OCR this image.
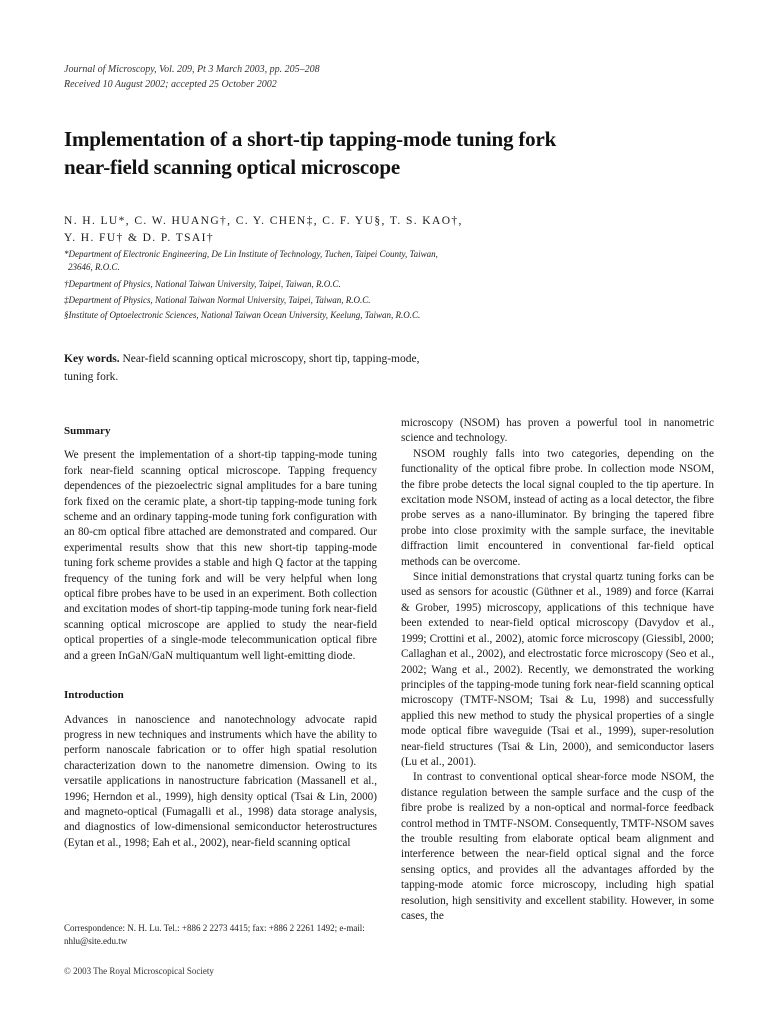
Journal of Microscopy, Vol. 209, Pt 3 March 2003, pp. 205–208
Received 10 August 2002; accepted 25 October 2002
Implementation of a short-tip tapping-mode tuning fork
near-field scanning optical microscope
N. H. LU*, C. W. HUANG†, C. Y. CHEN‡, C. F. YU§, T. S. KAO†,
Y. H. FU† & D. P. TSAI†
*Department of Electronic Engineering, De Lin Institute of Technology, Tuchen, Taipei County, Taiwan,
23646, R.O.C.
†Department of Physics, National Taiwan University, Taipei, Taiwan, R.O.C.
‡Department of Physics, National Taiwan Normal University, Taipei, Taiwan, R.O.C.
§Institute of Optoelectronic Sciences, National Taiwan Ocean University, Keelung, Taiwan, R.O.C.
Key words. Near-field scanning optical microscopy, short tip, tapping-mode,
tuning fork.
Summary

We present the implementation of a short-tip tapping-mode tuning fork near-field scanning optical microscope. Tapping frequency dependences of the piezoelectric signal amplitudes for a bare tuning fork fixed on the ceramic plate, a short-tip tapping-mode tuning fork scheme and an ordinary tapping-mode tuning fork configuration with an 80-cm optical fibre attached are demonstrated and compared. Our experimental results show that this new short-tip tapping-mode tuning fork scheme provides a stable and high Q factor at the tapping frequency of the tuning fork and will be very helpful when long optical fibre probes have to be used in an experiment. Both collection and excitation modes of short-tip tapping-mode tuning fork near-field scanning optical microscope are applied to study the near-field optical properties of a single-mode telecommunication optical fibre and a green InGaN/GaN multiquantum well light-emitting diode.

Introduction

Advances in nanoscience and nanotechnology advocate rapid progress in new techniques and instruments which have the ability to perform nanoscale fabrication or to offer high spatial resolution characterization down to the nanometre dimension. Owing to its versatile applications in nanostructure fabrication (Massanell et al., 1996; Herndon et al., 1999), high density optical (Tsai & Lin, 2000) and magneto-optical (Fumagalli et al., 1998) data storage analysis, and diagnostics of low-dimensional semiconductor heterostructures (Eytan et al., 1998; Eah et al., 2002), near-field scanning optical

Correspondence: N. H. Lu. Tel.: +886 2 2273 4415; fax: +886 2 2261 1492; e-mail: nhlu@site.edu.tw
© 2003 The Royal Microscopical Society

microscopy (NSOM) has proven a powerful tool in nanometric science and technology.

NSOM roughly falls into two categories, depending on the functionality of the optical fibre probe. In collection mode NSOM, the fibre probe detects the local signal coupled to the tip aperture. In excitation mode NSOM, instead of acting as a local detector, the fibre probe serves as a nano-illuminator. By bringing the tapered fibre probe into close proximity with the sample surface, the inevitable diffraction limit encountered in conventional far-field optical methods can be overcome.

Since initial demonstrations that crystal quartz tuning forks can be used as sensors for acoustic (Güthner et al., 1989) and force (Karrai & Grober, 1995) microscopy, applications of this technique have been extended to near-field optical microscopy (Davydov et al., 1999; Crottini et al., 2002), atomic force microscopy (Giessibl, 2000; Callaghan et al., 2002), and electrostatic force microscopy (Seo et al., 2002; Wang et al., 2002). Recently, we demonstrated the working principles of the tapping-mode tuning fork near-field scanning optical microscopy (TMTF-NSOM; Tsai & Lu, 1998) and successfully applied this new method to study the physical properties of a single mode optical fibre waveguide (Tsai et al., 1999), super-resolution near-field structures (Tsai & Lin, 2000), and semiconductor lasers (Lu et al., 2001).

In contrast to conventional optical shear-force mode NSOM, the distance regulation between the sample surface and the cusp of the fibre probe is realized by a non-optical and normal-force feedback control method in TMTF-NSOM. Consequently, TMTF-NSOM saves the trouble resulting from elaborate optical beam alignment and interference between the near-field optical signal and the force sensing optics, and provides all the advantages afforded by the tapping-mode atomic force microscopy, including high spatial resolution, high sensitivity and excellent stability. However, in some cases, the
